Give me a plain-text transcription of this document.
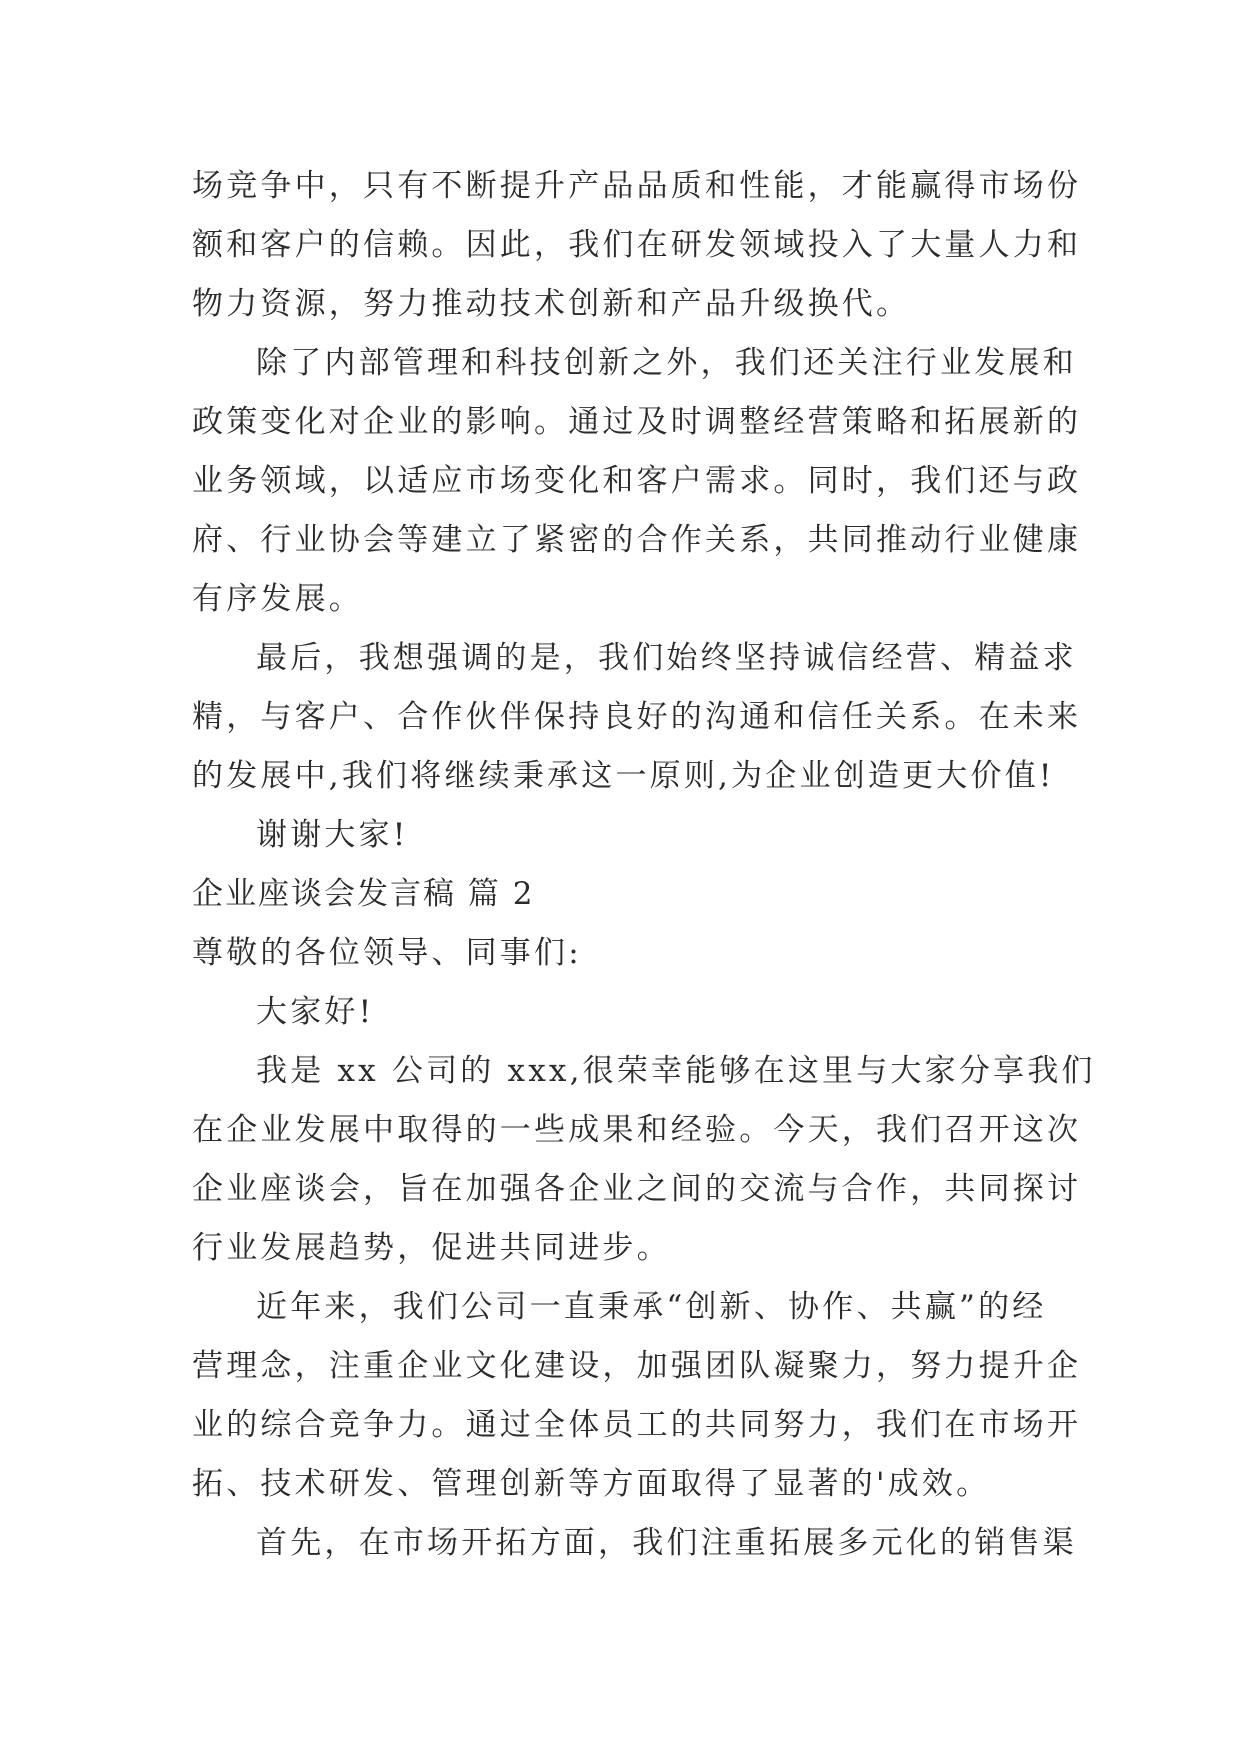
场竞争中，只有不断提升产品品质和性能，才能赢得市场份
额和客户的信赖。因此，我们在研发领域投入了大量人力和
物力资源，努力推动技术创新和产品升级换代。
除了内部管理和科技创新之外，我们还关注行业发展和
政策变化对企业的影响。通过及时调整经营策略和拓展新的
业务领域，以适应市场变化和客户需求。同时，我们还与政
府、行业协会等建立了紧密的合作关系，共同推动行业健康
有序发展。
最后，我想强调的是，我们始终坚持诚信经营、精益求
精，与客户、合作伙伴保持良好的沟通和信任关系。在未来
的发展中,我们将继续秉承这一原则,为企业创造更大价值!
谢谢大家!
企业座谈会发言稿 篇 2
尊敬的各位领导、同事们:
大家好!
我是 xx 公司的 xxx,很荣幸能够在这里与大家分享我们
在企业发展中取得的一些成果和经验。今天，我们召开这次
企业座谈会，旨在加强各企业之间的交流与合作，共同探讨
行业发展趋势，促进共同进步。
近年来，我们公司一直秉承“创新、协作、共赢”的经
营理念，注重企业文化建设，加强团队凝聚力，努力提升企
业的综合竞争力。通过全体员工的共同努力，我们在市场开
拓、技术研发、管理创新等方面取得了显著的'成效。
首先，在市场开拓方面，我们注重拓展多元化的销售渠
